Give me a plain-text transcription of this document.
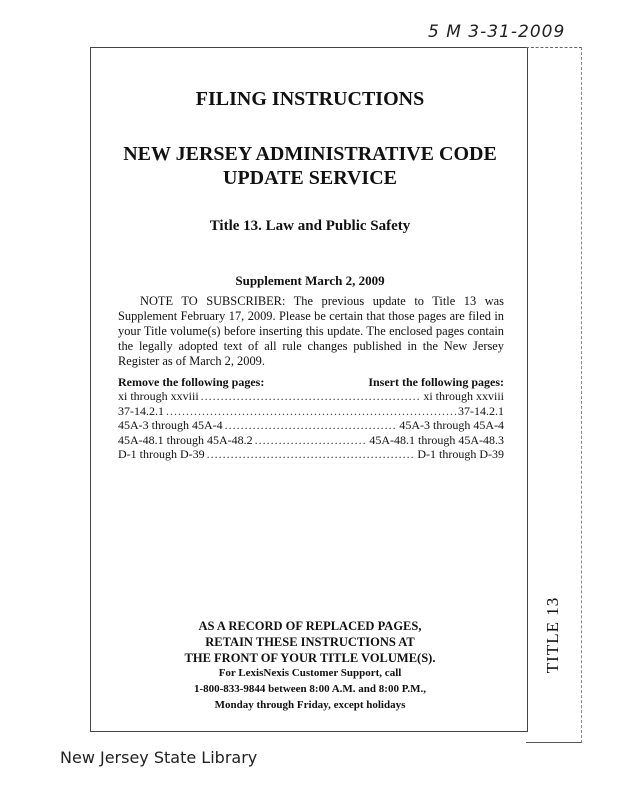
5 M 3-31-2009
TITLE 13
FILING INSTRUCTIONS
NEW JERSEY ADMINISTRATIVE CODE
UPDATE SERVICE
Title 13. Law and Public Safety
Supplement March 2, 2009
NOTE TO SUBSCRIBER: The previous update to Title 13 was Supplement February 17, 2009. Please be certain that those pages are filed in your Title volume(s) before inserting this update. The enclosed pages contain the legally adopted text of all rule changes published in the New Jersey Register as of March 2, 2009.
Remove the following pages:	Insert the following pages:
xi through xxviii .....	xi through xxviii
37-14.2.1 .....	37-14.2.1
45A-3 through 45A-4 .....	45A-3 through 45A-4
45A-48.1 through 45A-48.2 .....	45A-48.1 through 45A-48.3
D-1 through D-39 .....	D-1 through D-39
AS A RECORD OF REPLACED PAGES,
RETAIN THESE INSTRUCTIONS AT
THE FRONT OF YOUR TITLE VOLUME(S).
For LexisNexis Customer Support, call
1-800-833-9844 between 8:00 A.M. and 8:00 P.M.,
Monday through Friday, except holidays
New Jersey State Library
